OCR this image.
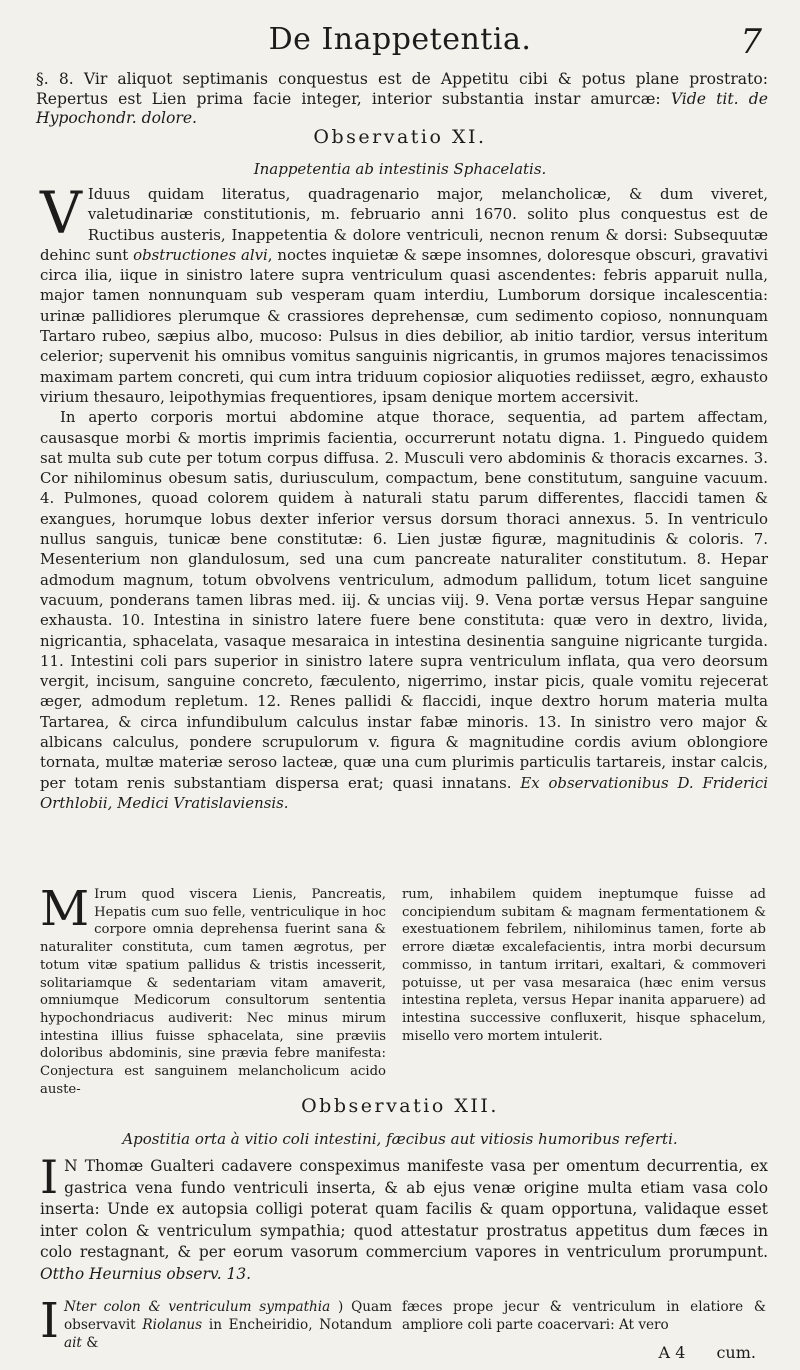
De Inappetentia.	7
§. 8. Vir aliquot septimanis conquestus est de Appetitu cibi & potus plane prostrato: Repertus est Lien prima facie integer, interior substantia instar amurcæ: Vide tit. de Hypochondr. dolore.
Observatio XI.
Inappetentia ab intestinis Sphacelatis.

V Iduus quidam literatus, quadragenario major, melancholicæ, & dum viveret, valetudinariæ constitutionis, m. februario anni 1670. solito plus conquestus est de Ructibus austeris, Inappetentia & dolore ventriculi, necnon renum & dorsi: Subsequutæ dehinc sunt obstructiones alvi, noctes inquietæ & sæpe insomnes, doloresque obscuri, gravativi circa ilia, iique in sinistro latere supra ventriculum quasi ascendentes: febris apparuit nulla, major tamen nonnunquam sub vesperam quam interdiu, Lumborum dorsique incalescentia: urinæ pallidiores plerumque & crassiores deprehensæ, cum sedimento copioso, nonnunquam Tartaro rubeo, sæpius albo, mucoso: Pulsus in dies debilior, ab initio tardior, versus interitum celerior; supervenit his omnibus vomitus sanguinis nigricantis, in grumos majores tenacissimos maximam partem concreti, qui cum intra triduum copiosior aliquoties rediisset, ægro, exhausto virium thesauro, leipothymias frequentiores, ipsam denique mortem accersivit.

In aperto corporis mortui abdomine atque thorace, sequentia, ad partem affectam, causasque morbi & mortis imprimis facientia, occurrerunt notatu digna. 1. Pinguedo quidem sat multa sub cute per totum corpus diffusa. 2. Musculi vero abdominis & thoracis excarnes. 3. Cor nihilominus obesum satis, duriusculum, compactum, bene constitutum, sanguine vacuum. 4. Pulmones, quoad colorem quidem à naturali statu parum differentes, flaccidi tamen & exangues, horumque lobus dexter inferior versus dorsum thoraci annexus. 5. In ventriculo nullus sanguis, tunicæ bene constitutæ: 6. Lien justæ figuræ, magnitudinis & coloris. 7. Mesenterium non glandulosum, sed una cum pancreate naturaliter constitutum. 8. Hepar admodum magnum, totum obvolvens ventriculum, admodum pallidum, totum licet sanguine vacuum, ponderans tamen libras med. iij. & uncias viij. 9. Vena portæ versus Hepar sanguine exhausta. 10. Intestina in sinistro latere fuere bene constituta: quæ vero in dextro, livida, nigricantia, sphacelata, vasaque mesaraica in intestina desinentia sanguine nigricante turgida. 11. Intestini coli pars superior in sinistro latere supra ventriculum inflata, qua vero deorsum vergit, incisum, sanguine concreto, fæculento, nigerrimo, instar picis, quale vomitu rejecerat æger, admodum repletum. 12. Renes pallidi & flaccidi, inque dextro horum materia multa Tartarea, & circa infundibulum calculus instar fabæ minoris. 13. In sinistro vero major & albicans calculus, pondere scrupulorum v. figura & magnitudine cordis avium oblongiore tornata, multæ materiæ seroso lacteæ, quæ una cum plurimis particulis tartareis, instar calcis, per totam renis substantiam dispersa erat; quasi innatans. Ex observationibus D. Friderici Orthlobii, Medici Vratislaviensis.

M Irum quod viscera Lienis, Pancreatis, Hepatis cum suo felle, ventriculique in hoc corpore omnia deprehensa fuerint sana & naturaliter constituta, cum tamen ægrotus, per totum vitæ spatium pallidus & tristis incesserit, solitariamque & sedentariam vitam amaverit, omniumque Medicorum consultorum sententia hypochondriacus audiverit: Nec minus mirum intestina illius fuisse sphacelata, sine præviis doloribus abdominis, sine prævia febre manifesta: Conjectura est sanguinem melancholicum acido auste-

rum, inhabilem quidem ineptumque fuisse ad concipiendum subitam & magnam fermentationem & exestuationem febrilem, nihilominus tamen, forte ab errore diætæ excalefacientis, intra morbi decursum commisso, in tantum irritari, exaltari, & commoveri potuisse, ut per vasa mesaraica (hæc enim versus intestina repleta, versus Hepar inanita apparuere) ad intestina successive confluxerit, hisque sphacelum, misello vero mortem intulerit.

Obbservatio XII.
Apostitia orta à vitio coli intestini, fæcibus aut vitiosis humoribus referti.

I N Thomæ Gualteri cadavere conspeximus manifeste vasa per omentum decurrentia, ex gastrica vena fundo ventriculi inserta, & ab ejus venæ origine multa etiam vasa colo inserta: Unde ex autopsia colligi poterat quam facilis & quam opportuna, validaque esset inter colon & ventriculum sympathia; quod attestatur prostratus appetitus dum fæces in colo restagnant, & per eorum vasorum commercium vapores in ventriculum prorumpunt. Ottho Heurnius observ. 13.

I Nter colon & ventriculum sympathia ) Quam observavit Riolanus in Encheiridio, Notandum ait &

fæces prope jecur & ventriculum in elatiore & ampliore coli parte coacervari: At vero

A 4 cum.
